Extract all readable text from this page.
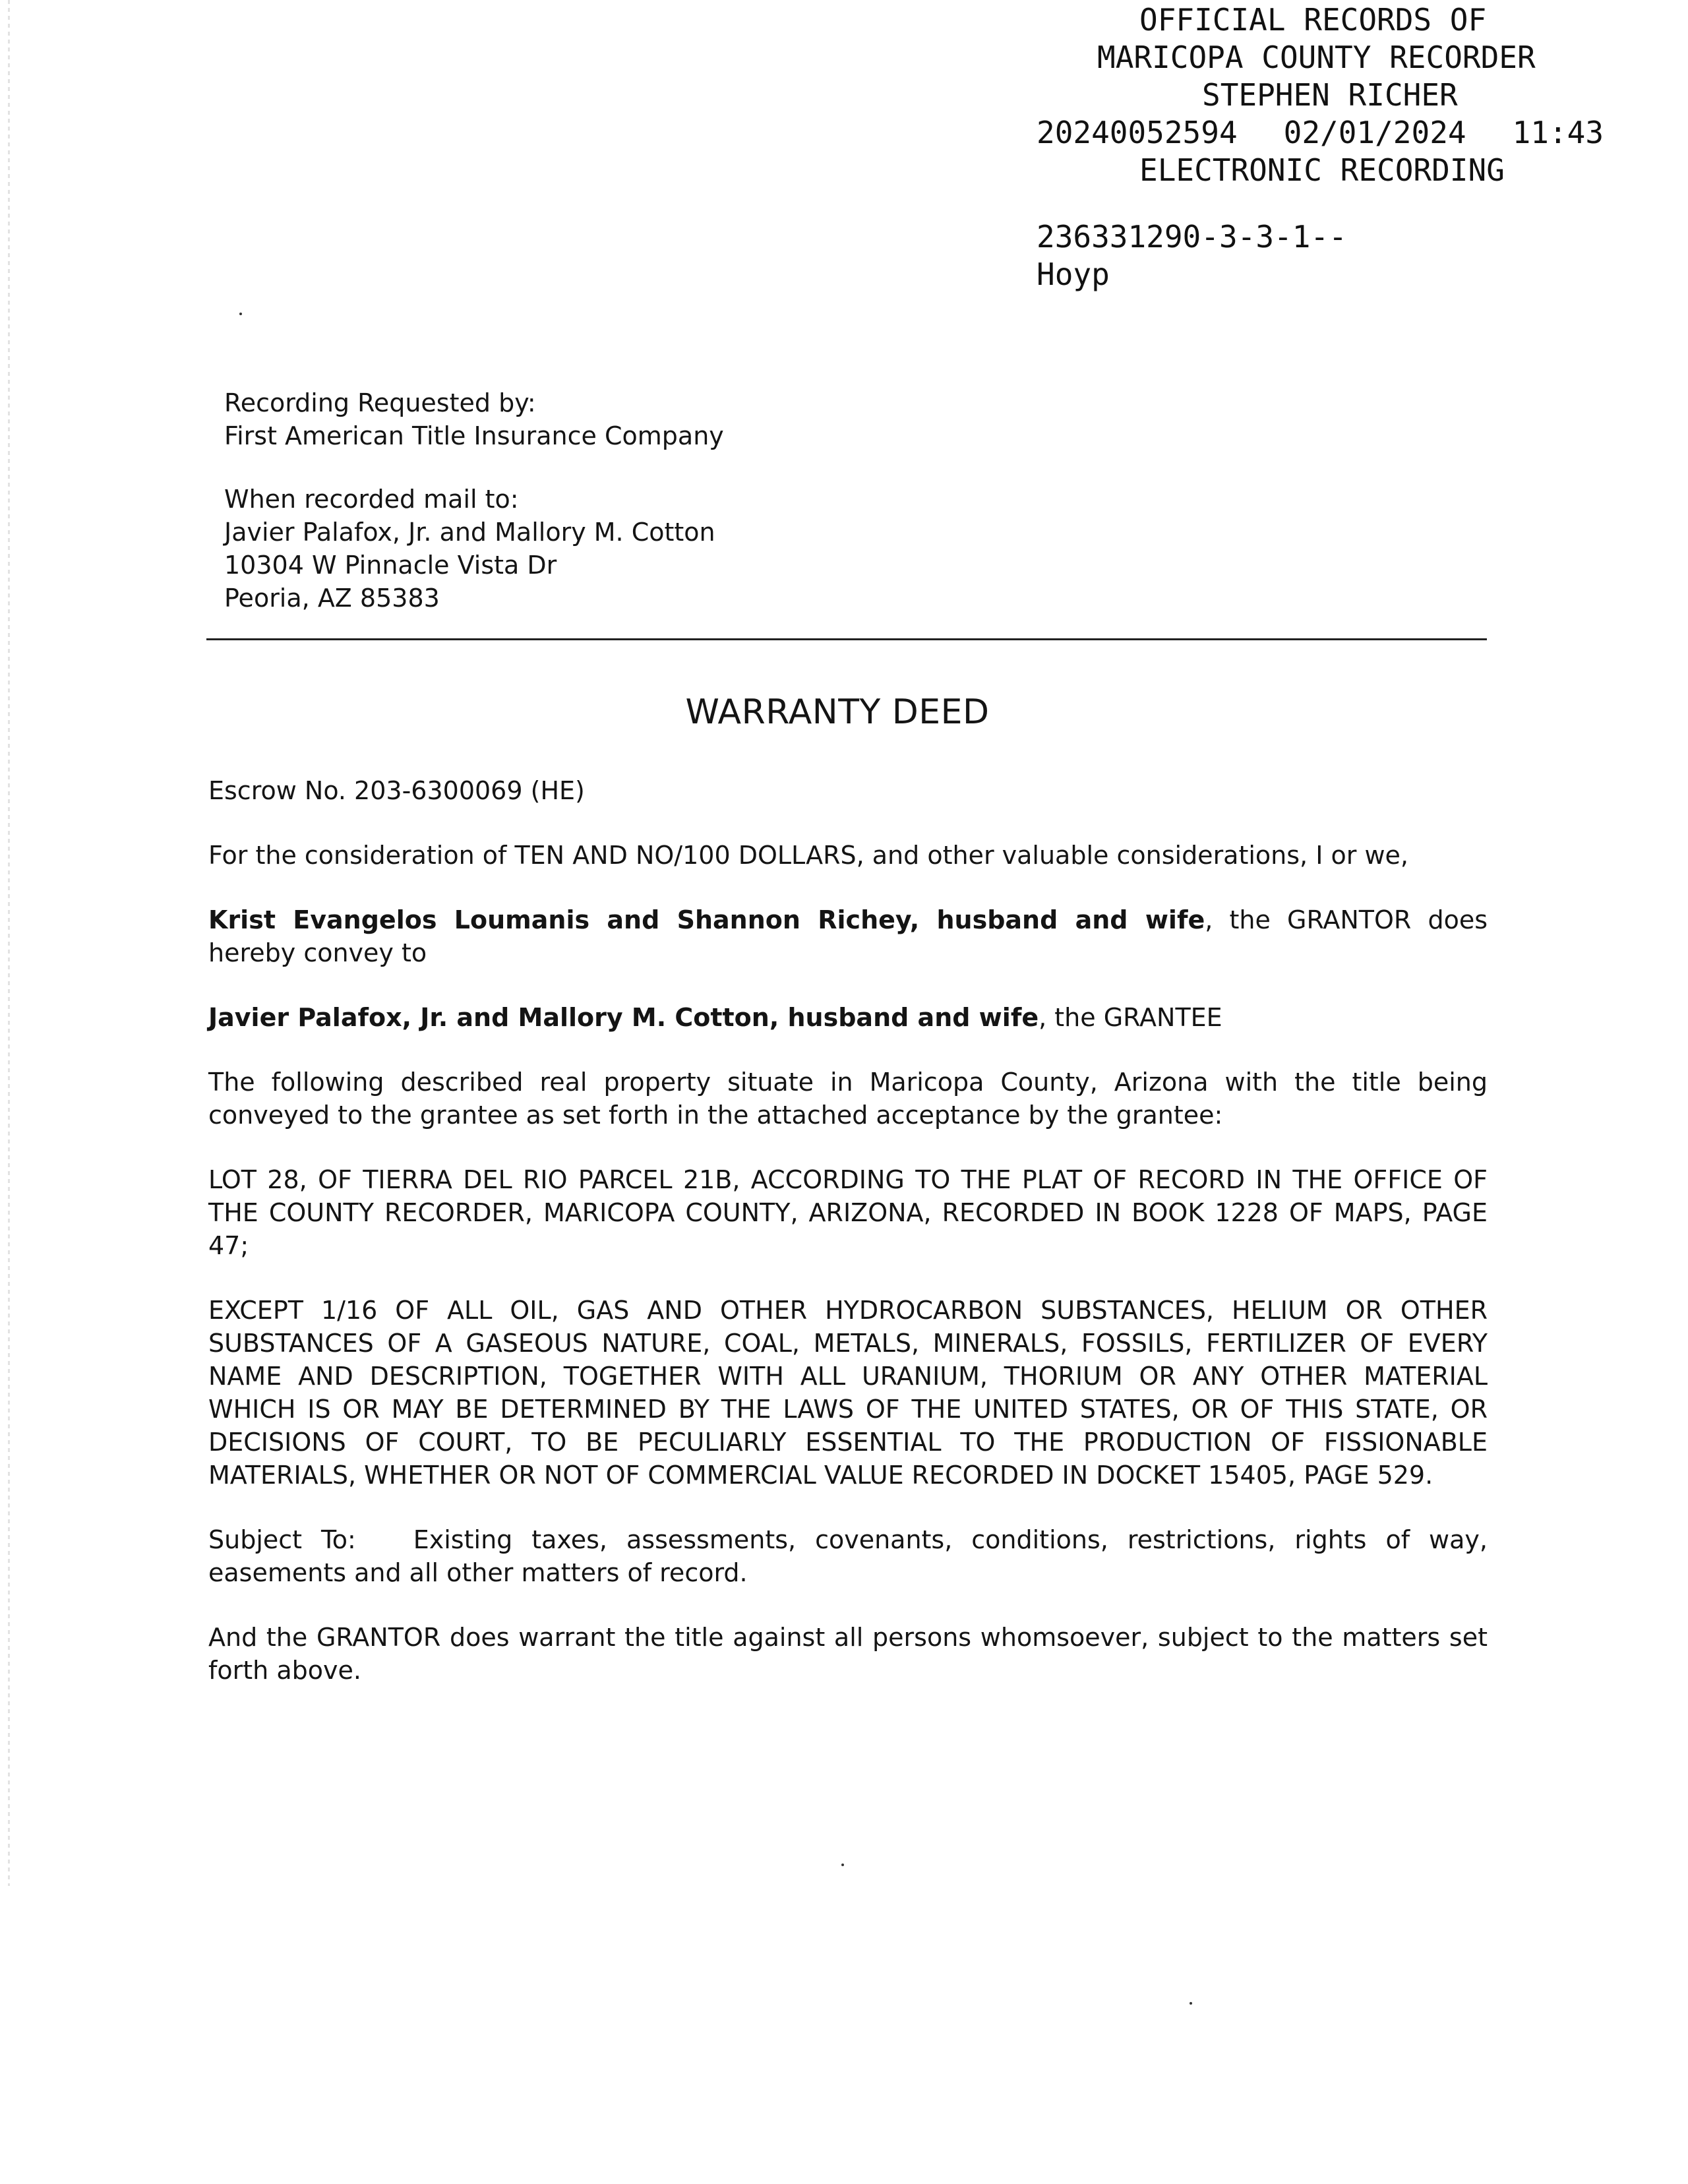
OFFICIAL RECORDS OF
MARICOPA COUNTY RECORDER
STEPHEN RICHER
20240052594 02/01/2024 11:43
ELECTRONIC RECORDING
236331290-3-3-1--
Hoyp
Recording Requested by:
First American Title Insurance Company
When recorded mail to:
Javier Palafox, Jr. and Mallory M. Cotton
10304 W Pinnacle Vista Dr
Peoria, AZ 85383
WARRANTY DEED

Escrow No. 203-6300069 (HE)

For the consideration of TEN AND NO/100 DOLLARS, and other valuable considerations, I or we,

Krist Evangelos Loumanis and Shannon Richey, husband and wife, the GRANTOR does hereby convey to

Javier Palafox, Jr. and Mallory M. Cotton, husband and wife, the GRANTEE

The following described real property situate in Maricopa County, Arizona with the title being conveyed to the grantee as set forth in the attached acceptance by the grantee:

LOT 28, OF TIERRA DEL RIO PARCEL 21B, ACCORDING TO THE PLAT OF RECORD IN THE OFFICE OF THE COUNTY RECORDER, MARICOPA COUNTY, ARIZONA, RECORDED IN BOOK 1228 OF MAPS, PAGE 47;

EXCEPT 1/16 OF ALL OIL, GAS AND OTHER HYDROCARBON SUBSTANCES, HELIUM OR OTHER SUBSTANCES OF A GASEOUS NATURE, COAL, METALS, MINERALS, FOSSILS, FERTILIZER OF EVERY NAME AND DESCRIPTION, TOGETHER WITH ALL URANIUM, THORIUM OR ANY OTHER MATERIAL WHICH IS OR MAY BE DETERMINED BY THE LAWS OF THE UNITED STATES, OR OF THIS STATE, OR DECISIONS OF COURT, TO BE PECULIARLY ESSENTIAL TO THE PRODUCTION OF FISSIONABLE MATERIALS, WHETHER OR NOT OF COMMERCIAL VALUE RECORDED IN DOCKET 15405, PAGE 529.

Subject To:   Existing taxes, assessments, covenants, conditions, restrictions, rights of way, easements and all other matters of record.

And the GRANTOR does warrant the title against all persons whomsoever, subject to the matters set forth above.
